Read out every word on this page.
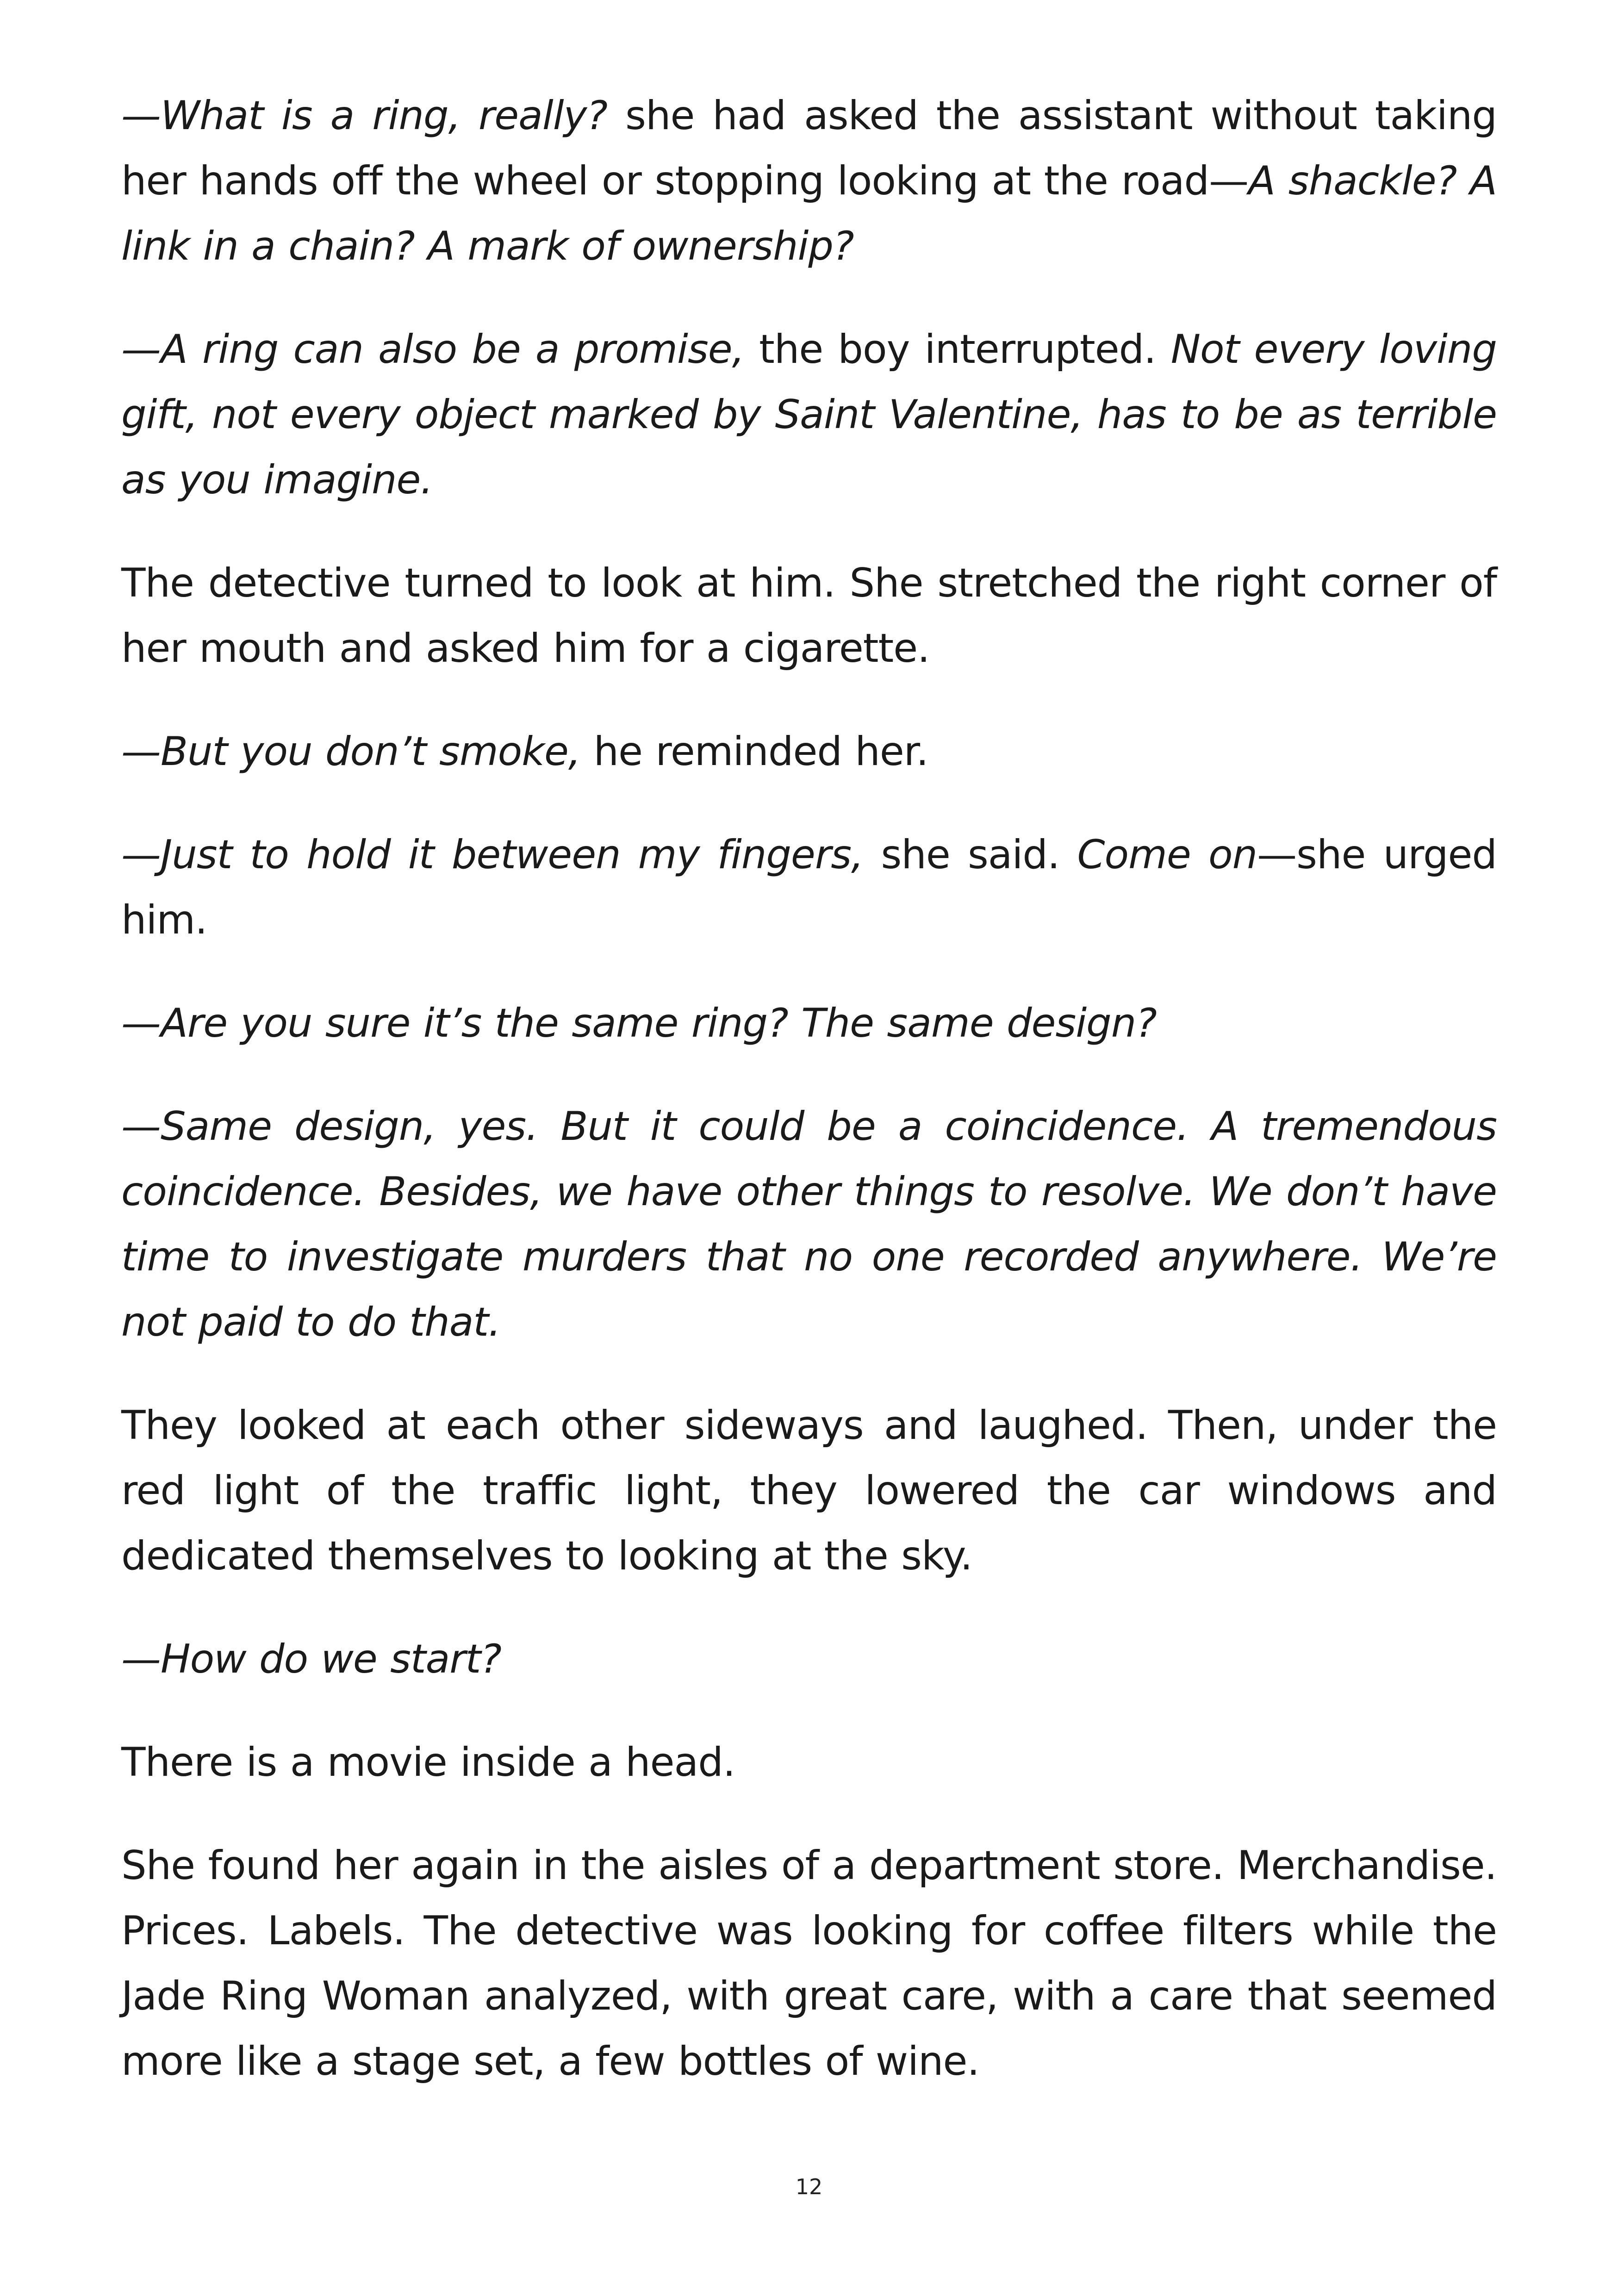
—What is a ring, really? she had asked the assistant without taking her hands off the wheel or stopping looking at the road—A shackle? A link in a chain? A mark of ownership?

—A ring can also be a promise, the boy interrupted. Not every loving gift, not every object marked by Saint Valentine, has to be as terrible as you imagine.

The detective turned to look at him. She stretched the right corner of her mouth and asked him for a cigarette.

—But you don’t smoke, he reminded her.

—Just to hold it between my fingers, she said. Come on—she urged him.

—Are you sure it’s the same ring? The same design?

—Same design, yes. But it could be a coincidence. A tremendous coincidence. Besides, we have other things to resolve. We don’t have time to investigate murders that no one recorded anywhere. We’re not paid to do that.

They looked at each other sideways and laughed. Then, under the red light of the traffic light, they lowered the car windows and dedicated themselves to looking at the sky.

—How do we start?

There is a movie inside a head.

She found her again in the aisles of a department store. Merchandise. Prices. Labels. The detective was looking for coffee filters while the Jade Ring Woman analyzed, with great care, with a care that seemed more like a stage set, a few bottles of wine.

12
